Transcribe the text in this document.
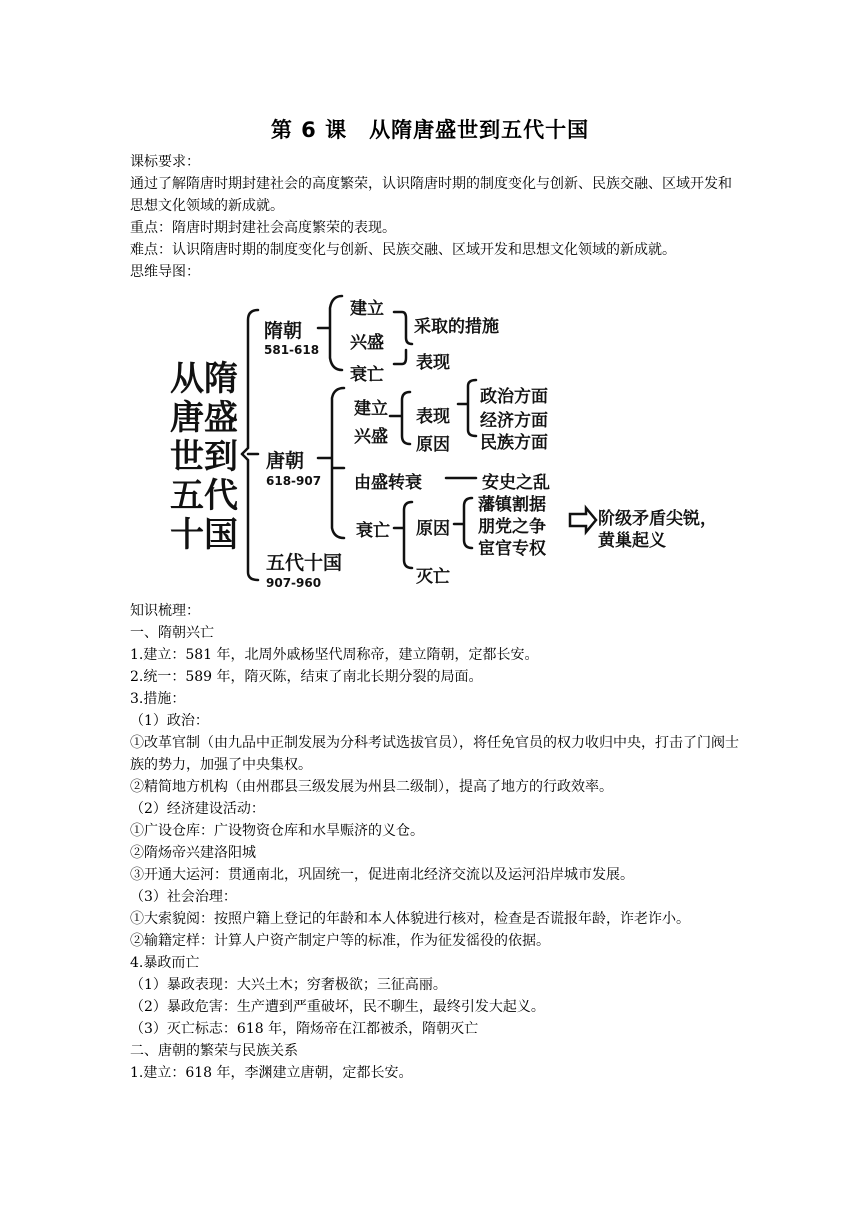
第 6 课　从隋唐盛世到五代十国
课标要求：
通过了解隋唐时期封建社会的高度繁荣，认识隋唐时期的制度变化与创新、民族交融、区域开发和思想文化领域的新成就。
重点：隋唐时期封建社会高度繁荣的表现。
难点：认识隋唐时期的制度变化与创新、民族交融、区域开发和思想文化领域的新成就。
思维导图：
从隋
唐盛
世到
五代
十国
隋朝
581-618
建立
兴盛
衰亡
采取的措施
表现
唐朝
618-907
建立
兴盛
表现
原因
政治方面
经济方面
民族方面
由盛转衰	安史之乱
衰亡 原因
灭亡
藩镇割据
朋党之争
宦官专权
阶级矛盾尖锐，
黄巢起义
五代十国
907-960
知识梳理：
一、隋朝兴亡
1.建立：581 年，北周外戚杨坚代周称帝，建立隋朝，定都长安。
2.统一：589 年，隋灭陈，结束了南北长期分裂的局面。
3.措施：
（1）政治：
①改革官制（由九品中正制发展为分科考试选拔官员），将任免官员的权力收归中央，打击了门阀士族的势力，加强了中央集权。
②精简地方机构（由州郡县三级发展为州县二级制），提高了地方的行政效率。
（2）经济建设活动：
①广设仓库：广设物资仓库和水旱赈济的义仓。
②隋炀帝兴建洛阳城
③开通大运河：贯通南北，巩固统一，促进南北经济交流以及运河沿岸城市发展。
（3）社会治理：
①大索貌阅：按照户籍上登记的年龄和本人体貌进行核对，检查是否谎报年龄，诈老诈小。
②输籍定样：计算人户资产制定户等的标准，作为征发徭役的依据。
4.暴政而亡
（1）暴政表现：大兴土木；穷奢极欲；三征高丽。
（2）暴政危害：生产遭到严重破坏，民不聊生，最终引发大起义。
（3）灭亡标志：618 年，隋炀帝在江都被杀，隋朝灭亡
二、唐朝的繁荣与民族关系
1.建立：618 年，李渊建立唐朝，定都长安。
